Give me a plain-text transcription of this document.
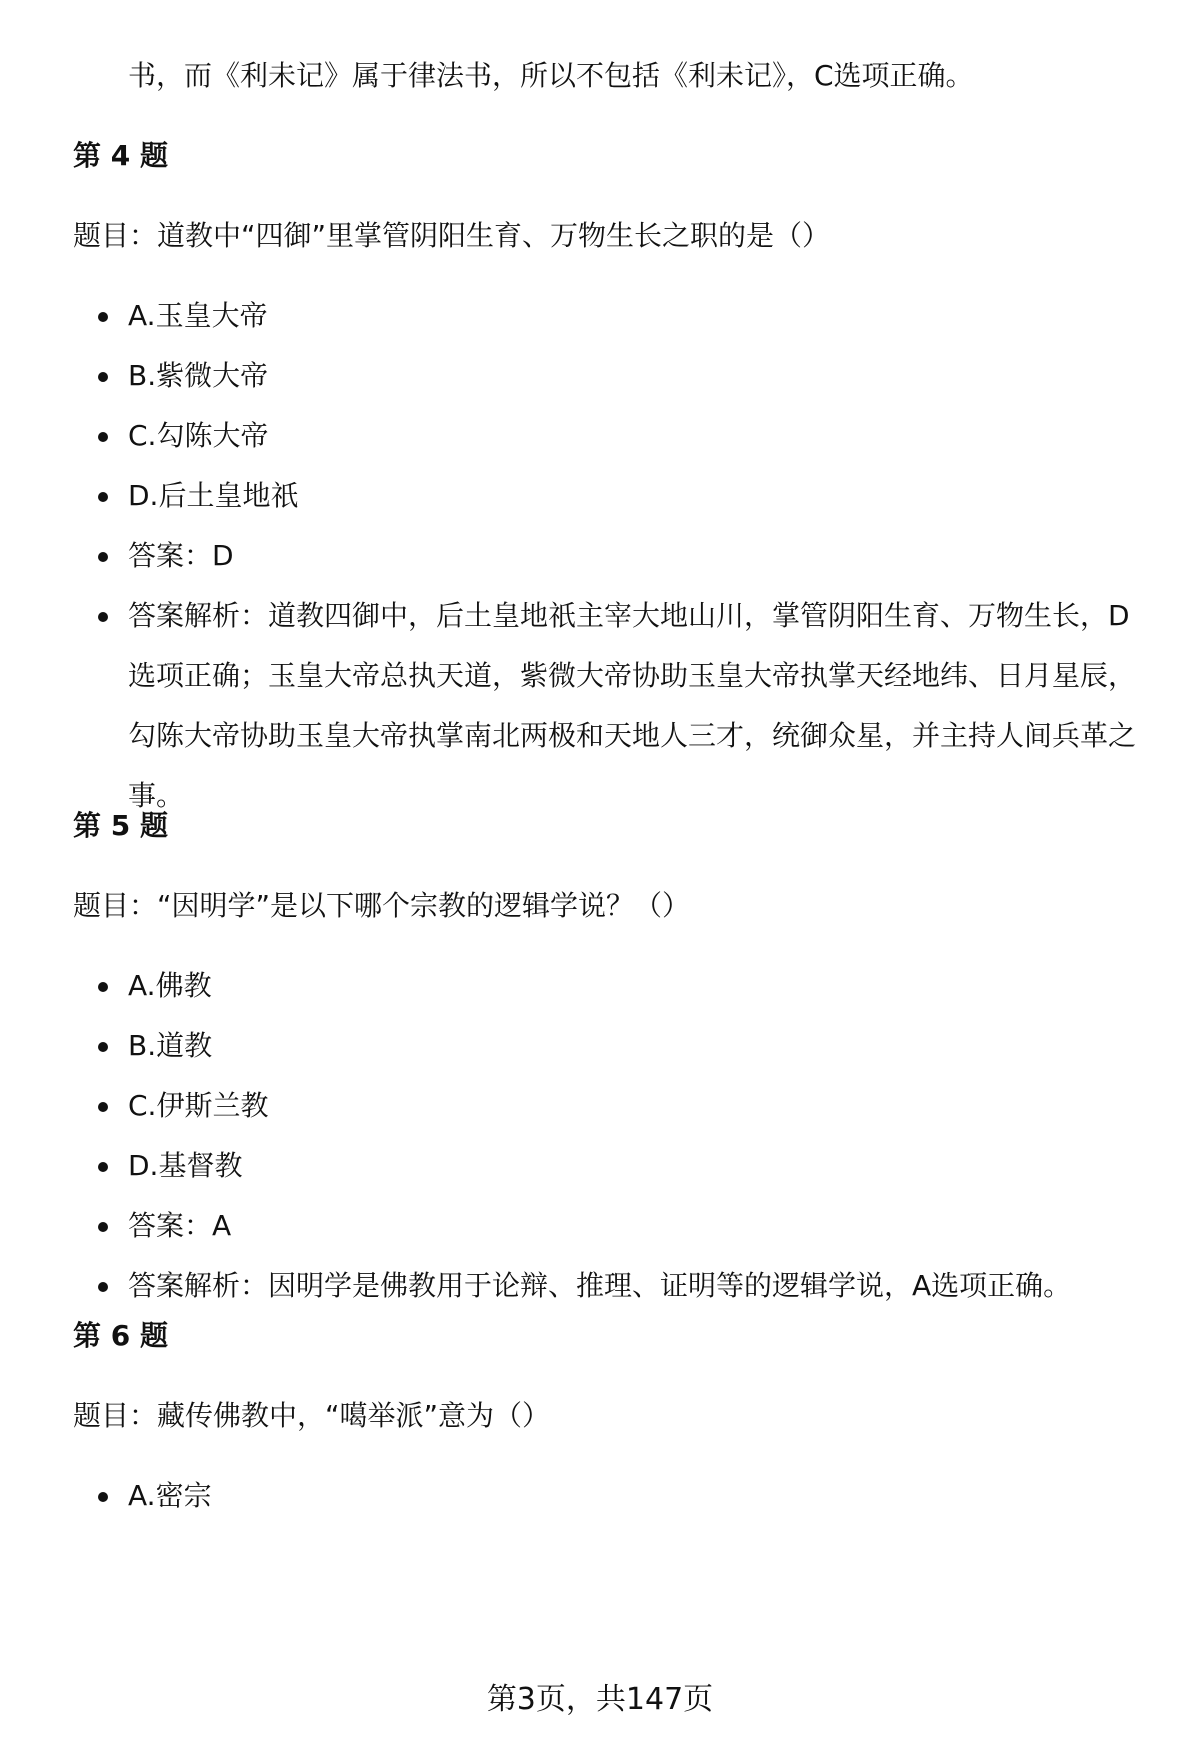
书，而《利未记》属于律法书，所以不包括《利未记》，C选项正确。
第 4 题
题目：道教中“四御”里掌管阴阳生育、万物生长之职的是（）
A.玉皇大帝
B.紫微大帝
C.勾陈大帝
D.后土皇地祇
答案：D
答案解析：道教四御中，后土皇地祇主宰大地山川，掌管阴阳生育、万物生长，D选项正确；玉皇大帝总执天道，紫微大帝协助玉皇大帝执掌天经地纬、日月星辰，勾陈大帝协助玉皇大帝执掌南北两极和天地人三才，统御众星，并主持人间兵革之事。
第 5 题
题目：“因明学”是以下哪个宗教的逻辑学说？（）
A.佛教
B.道教
C.伊斯兰教
D.基督教
答案：A
答案解析：因明学是佛教用于论辩、推理、证明等的逻辑学说，A选项正确。
第 6 题
题目：藏传佛教中，“噶举派”意为（）
A.密宗
第3页，共147页
